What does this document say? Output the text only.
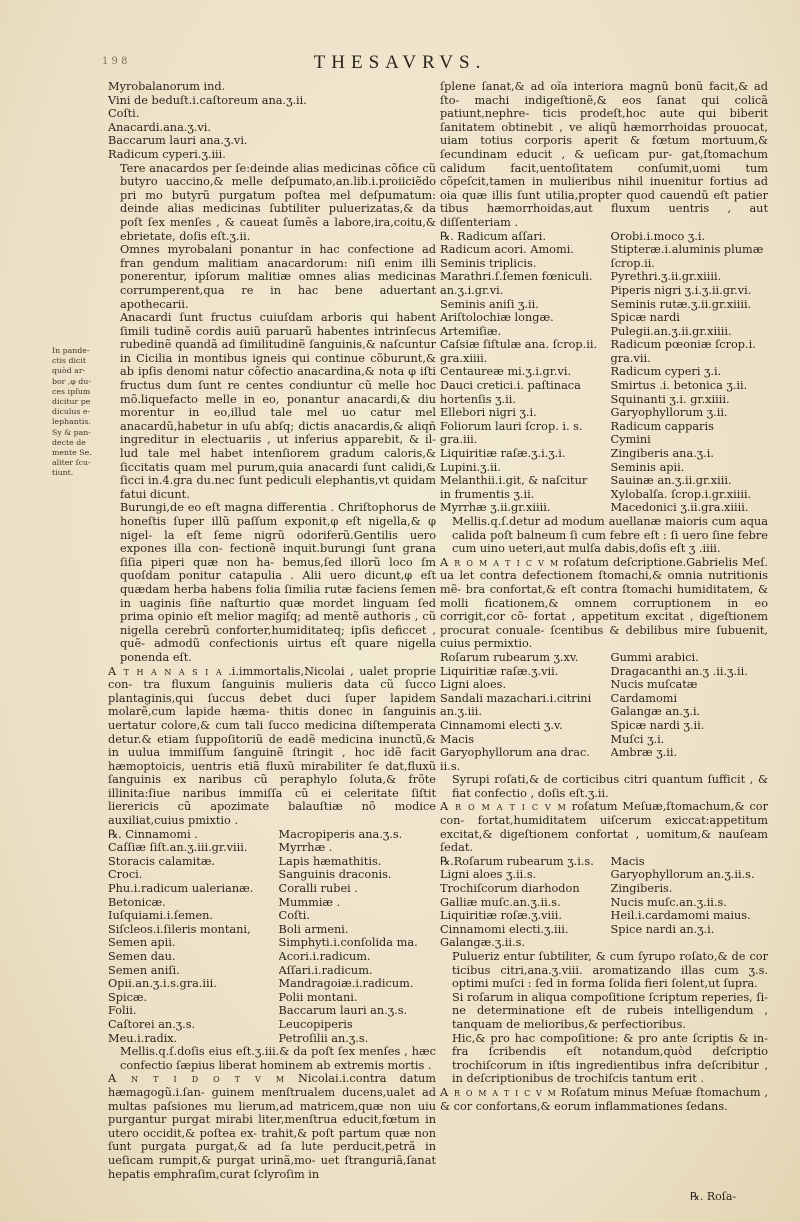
1 9 8	THESAVRVS.
In pande-
ctis dicit
quòd ar-
bor ,φ du-
ces ipſum
dicitur pe
diculus e-
lephantis.
Sy & pan-
decte de
mente Se.
aliter ſcu-
tiunt.

Myrobalanorum ind.

Vini de beduſt.i.caſtoreum ana.ʒ.ii.

Coſti.

Anacardi.ana.ʒ.vi.

Baccarum lauri ana.ʒ.vi.

Radicum cyperi.ʒ.iii.

Tere anacardos per ſe:deinde alias medicinas cõfice cũ butyro uaccino,& melle deſpumato,an.lib.i.proiiciẽdo pri mo butyrũ purgatum poſtea mel deſpumatum: deinde alias medicinas ſubtiliter puluerizatas,& da poſt ſex menſes , & caueat ſumẽs a labore,ira,coitu,& ebrietate, doſis eſt.ʒ.ii.

Omnes myrobalani ponantur in hac confectione ad fran gendum malitiam anacardorum: niſi enim illi ponerentur, ipſorum malitiæ omnes alias medicinas corrumperent,qua re in hac bene aduertant apothecarii.

Anacardi ſunt fructus cuiuſdam arboris qui habent ſimili tudinẽ cordis auiũ paruarũ habentes intrinſecus rubedinẽ quandã ad ſimilitudinẽ ſanguinis,& naſcuntur in Cicilia in montibus igneis qui continue cõburunt,& ab ipſis denomi natur cõfectio anacardina,& nota φ iſti fructus dum ſunt re centes condiuntur cũ melle hoc mõ.liquefacto melle in eo, ponantur anacardi,& diu morentur in eo,illud tale mel uo catur mel anacardũ,habetur in uſu abſq; dictis anacardis,& aliqñ ingreditur in electuariis , ut inferius apparebit, & il- lud tale mel habet intenſiorem gradum caloris,& ſiccitatis quam mel purum,quia anacardi ſunt calidi,& ſicci in.4.gra du.nec ſunt pediculi elephantis,vt quidam fatui dicunt.

Burungi,de eo eſt magna differentia . Chriſtophorus de honeſtis ſuper illũ paſſum exponit,φ eſt nigella,& φ nigel- la eſt ſeme nigrũ odoriferũ.Gentilis uero expones illa con- fectionẽ inquit.burungi ſunt grana ſiſia piperi quæ non ha- bemus,ſed illorũ loco ſm quoſdam ponitur catapulia . Alii uero dicunt,φ eſt quædam herba habens folia ſimilia rutæ faciens ſemen in uaginis ſiñe naſturtio quæ mordet linguam ſed prima opinio eſt melior magiſq; ad mentẽ authoris , cũ nigella cerebrũ conforter,humiditateq; ipſis deficcet , quẽ- admodũ confectionis uirtus eſt quare nigella ponenda eſt.

A t h a n a s i a .i.immortalis,Nicolai , ualet proprie con- tra fluxum ſanguinis mulieris data cũ ſucco plantaginis,qui ſuccus debet duci ſuper lapidem molarẽ,cum lapide hæma- thitis donec in ſanguinis uertatur colore,& cum tali ſucco medicina diſtemperata detur.& etiam ſuppoſitoriũ de eadẽ medicina inunctũ,& in uulua immiſſum ſanguinẽ ſtringit , hoc idẽ facit hæmoptoicis, uentris etiã fluxũ mirabiliter ſe dat,fluxũ ſanguinis ex naribus cũ peraphylo ſoluta,& frõte illinita:ſiue naribus immiſſa cũ ei celeritate ſiſtit lierericis cũ apozimate balauſtiæ nõ modice auxiliat,cuius pmixtio .

℞. Cinnamomi .
Caſſiæ ſiſt.an.ʒ.iii.gr.viii.
Storacis calamitæ.
Croci.
Phu.i.radicum ualerianæ.
Betonicæ.
Iuſquiami.i.ſemen.
Siſcleos.i.ſileris montani,
Semen apii.
Semen dau.
Semen aniſi.
Opii.an.ʒ.i.s.gra.iii.
Spicæ.
Folii.
Caſtorei an.ʒ.s.
Meu.i.radix.
Macropiperis ana.ʒ.s.
Myrrhæ .
Lapis hæmathitis.
Sanguinis draconis.
Coralli rubei .
Mummiæ .
Coſti.
Boli armeni.
Simphyti.i.conſolida ma.
Acori.i.radicum.
Aſſari.i.radicum.
Mandragoiæ.i.radicum.
Polii montani.
Baccarum lauri an.ʒ.s.
Leucopiperis
Petroſilii an.ʒ.s.

Mellis.q.ſ.doſis eius eſt.ʒ.iii.& da poſt ſex menſes , hæc confectio ſæpius liberat hominem ab extremis mortis .

A n t i d o t v m Nicolai.i.contra datum hæmagogũ.i.ſan- guinem menſtrualem ducens,ualet ad multas paſsiones mu lierum,ad matricem,quæ non uiu purgantur purgat mirabi liter,menſtrua educit,fœtum in utero occidit,& poſtea ex- trahit,& poſt partum quæ non ſunt purgata purgat,& ad ſa lute perducit,petrã in ueſicam rumpit,& purgat urinã,mo- uet ſtranguriã,ſanat hepatis emphraſim,curat ſclyroſim in

ſplene ſanat,& ad oĩa interiora magnũ bonũ facit,& ad ſto- machi indigeſtionẽ,& eos ſanat qui colicã patiunt,nephre- ticis prodeſt,hoc aute qui biberit ſanitatem obtinebit , ve aliqũ hæmorrhoidas prouocat, uiam totius corporis aperit & fœtum mortuum,& ſecundinam educit , & ueſicam pur- gat,ſtomachum calidum facit,uentoſitatem conſumit,uomi tum cõpeſcit,tamen in mulieribus nihil inuenitur fortius ad oia quæ illis ſunt utilia,propter quod cauendũ eſt patier tibus hæmorrhoidas,aut fluxum uentris , aut diſſenteriam .

℞. Radicum aſſari.
Radicum acori. Amomi.
Seminis triplicis.
Marathri.ſ.ſemen fœniculi.
an.ʒ.i.gr.vi.
Seminis aniſi ʒ.ii.
Ariſtolochiæ longæ.
Artemiſiæ.
Caſsiæ ſiſtulæ ana. ſcrop.ii.
gra.xiiii.
Centaureæ mi.ʒ.i.gr.vi.
Dauci cretici.i. paſtinaca
hortenſis ʒ.ii.
Ellebori nigri ʒ.i.
Foliorum lauri ſcrop. i. s.
gra.iii.
Liquiritiæ raſæ.ʒ.i.ʒ.i.
Lupini.ʒ.ii.
Melanthii.i.git, & naſcitur
in frumentis ʒ.ii.
Myrrhæ ʒ.ii.gr.xiiii.
Orobi.i.moco ʒ.i.
Stipteræ.i.aluminis plumæ
ſcrop.ii.
Pyrethri.ʒ.ii.gr.xiiii.
Piperis nigri ʒ.i.ʒ.ii.gr.vi.
Seminis rutæ.ʒ.ii.gr.xiiii.
Spicæ nardi
Pulegii.an.ʒ.ii.gr.xiiii.
Radicum pœoniæ ſcrop.i.
gra.vii.
Radicum cyperi ʒ.i.
Smirtus .i. betonica ʒ.ii.
Squinanti ʒ.i. gr.xiiii.
Garyophyllorum ʒ.ii.
Radicum capparis
Cymini
Zingiberis ana.ʒ.i.
Seminis apii.
Sauinæ an.ʒ.ii.gr.xiii.
Xylobalſa. ſcrop.i.gr.xiiii.
Macedonici ʒ.ii.gra.xiiii.

Mellis.q.ſ.detur ad modum auellanæ maioris cum aqua calida poſt balneum ſi cum febre eſt : ſi uero ſine febre cum uino ueteri,aut mulſa dabis,doſis eſt ʒ .iiii.

A r o m a t i c v m roſatum deſcriptione.Gabrielis Meſ. ua let contra defectionem ſtomachi,& omnia nutritionis mẽ- bra confortat,& eſt contra ſtomachi humiditatem, & molli ficationem,& omnem corruptionem in eo corrigit,cor cõ- fortat , appetitum excitat , digeſtionem procurat conuale- ſcentibus & debilibus mire ſubuenit, cuius permixtio.

Roſarum rubearum ʒ.xv.
Liquiritiæ raſæ.ʒ.vii.
Ligni aloes.
Sandali mazachari.i.citrini
an.ʒ.iii.
Cinnamomi electi ʒ.v.
Macis
Garyophyllorum ana drac.
ii.s.
Gummi arabici.
Dragacanthi an.ʒ .ii.ʒ.ii.
Nucis muſcatæ
Cardamomi
Galangæ an.ʒ.i.
Spicæ nardi ʒ.ii.
Muſci ʒ.i.
Ambræ ʒ.ii.

Syrupi roſati,& de corticibus citri quantum ſufficit , & fiat confectio , doſis eſt.ʒ.ii.

A r o m a t i c v m roſatum Meſuæ,ſtomachum,& cor con- fortat,humiditatem uiſcerum exiccat:appetitum excitat,& digeſtionem confortat , uomitum,& nauſeam ſedat.

℞.Roſarum rubearum ʒ.i.s.
Ligni aloes ʒ.ii.s.
Trochiſcorum diarhodon
Galliæ muſc.an.ʒ.ii.s.
Liquiritiæ roſæ.ʒ.viii.
Cinnamomi electi.ʒ.iii.
Galangæ.ʒ.ii.s.
Macis
Garyophyllorum an.ʒ.ii.s.
Zingiberis.
Nucis muſc.an.ʒ.ii.s.
Heil.i.cardamomi maius.
Spice nardi an.ʒ.i.

Pulueriz entur ſubtiliter, & cum ſyrupo roſato,& de cor ticibus citri,ana.ʒ.viii. aromatizando illas cum ʒ.s. optimi muſci : ſed in forma ſolida fieri ſolent,ut ſupra.

Si roſarum in aliqua compoſitione ſcriptum reperies, ſi- ne determinatione eſt de rubeis intelligendum , tanquam de melioribus,& perfectioribus.

Hic,& pro hac compoſitione: & pro ante ſcriptis & in- fra ſcribendis eſt notandum,quòd deſcriptio trochiſcorum in iſtis ingredientibus infra deſcribitur , in deſcriptionibus de trochiſcis tantum erit .

A r o m a t i c v m Roſatum minus Meſuæ ſtomachum , & cor confortans,& eorum inflammationes ſedans.

℞. Roſa-
